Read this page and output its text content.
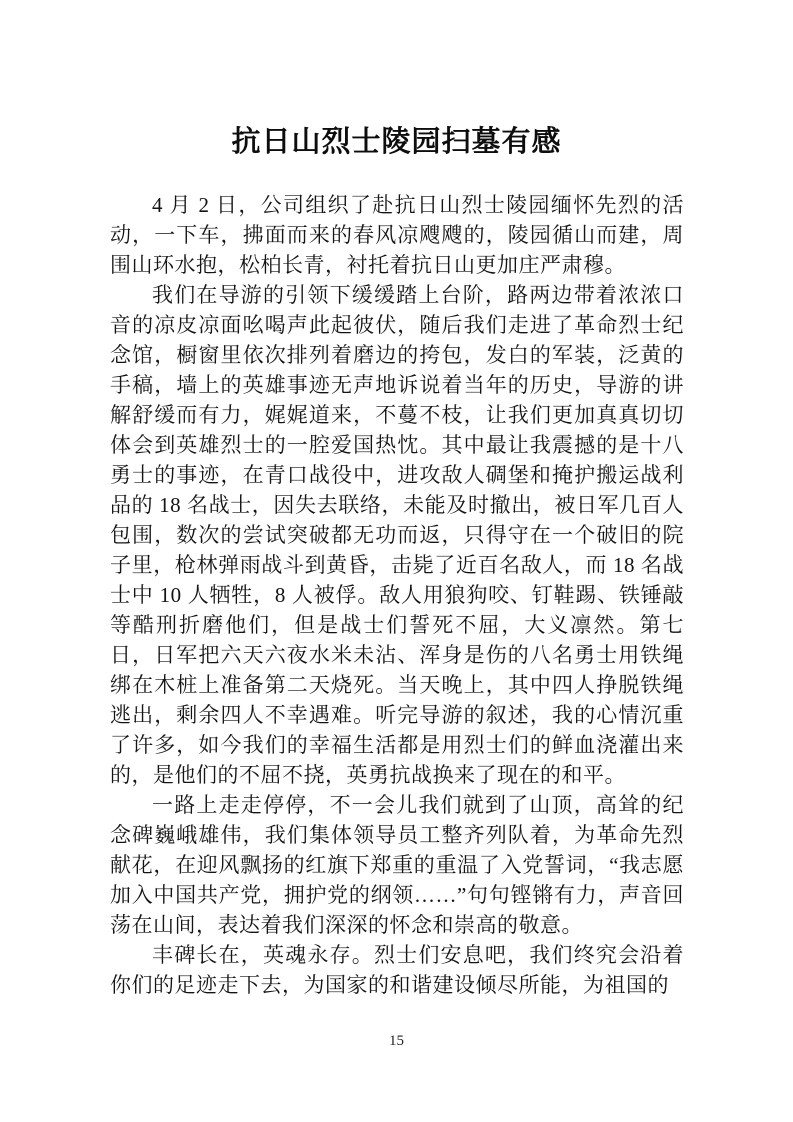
抗日山烈士陵园扫墓有感

4 月 2 日，公司组织了赴抗日山烈士陵园缅怀先烈的活动，一下车，拂面而来的春风凉飕飕的，陵园循山而建，周围山环水抱，松柏长青，衬托着抗日山更加庄严肃穆。

我们在导游的引领下缓缓踏上台阶，路两边带着浓浓口音的凉皮凉面吆喝声此起彼伏，随后我们走进了革命烈士纪念馆，橱窗里依次排列着磨边的挎包，发白的军装，泛黄的手稿，墙上的英雄事迹无声地诉说着当年的历史，导游的讲解舒缓而有力，娓娓道来，不蔓不枝，让我们更加真真切切体会到英雄烈士的一腔爱国热忱。其中最让我震撼的是十八勇士的事迹，在青口战役中，进攻敌人碉堡和掩护搬运战利品的 18 名战士，因失去联络，未能及时撤出，被日军几百人包围，数次的尝试突破都无功而返，只得守在一个破旧的院子里，枪林弹雨战斗到黄昏，击毙了近百名敌人，而 18 名战士中 10 人牺牲，8 人被俘。敌人用狼狗咬、钉鞋踢、铁锤敲等酷刑折磨他们，但是战士们誓死不屈，大义凛然。第七日，日军把六天六夜水米未沾、浑身是伤的八名勇士用铁绳绑在木桩上准备第二天烧死。当天晚上，其中四人挣脱铁绳逃出，剩余四人不幸遇难。听完导游的叙述，我的心情沉重了许多，如今我们的幸福生活都是用烈士们的鲜血浇灌出来的，是他们的不屈不挠，英勇抗战换来了现在的和平。

一路上走走停停，不一会儿我们就到了山顶，高耸的纪念碑巍峨雄伟，我们集体领导员工整齐列队着，为革命先烈献花，在迎风飘扬的红旗下郑重的重温了入党誓词，“我志愿加入中国共产党，拥护党的纲领……”句句铿锵有力，声音回荡在山间，表达着我们深深的怀念和崇高的敬意。

丰碑长在，英魂永存。烈士们安息吧，我们终究会沿着你们的足迹走下去，为国家的和谐建设倾尽所能，为祖国的

15
